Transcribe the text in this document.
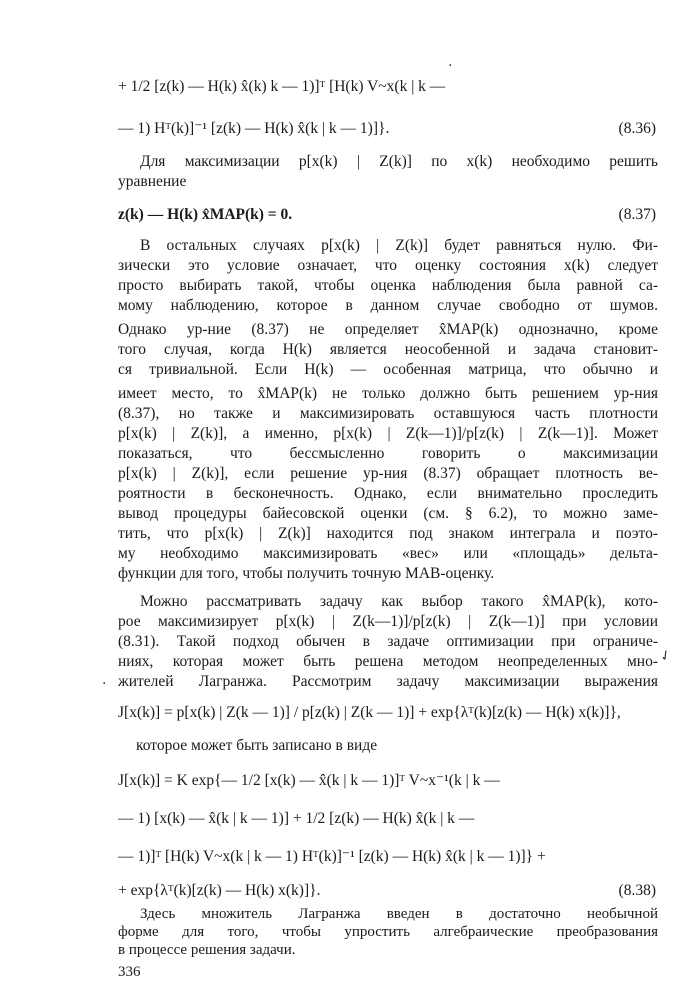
+ 1/2 [z(k) — H(k) x̂(k) k — 1)]ᵀ [H(k) V~x(k | k —
— 1) Hᵀ(k)]⁻¹ [z(k) — H(k) x̂(k | k — 1)]}.	(8.36)
Для максимизации p[x(k) | Z(k)] по x(k) необходимо решить
уравнение
z(k) — H(k) x̂MAP(k) = 0.	(8.37)
В остальных случаях p[x(k) | Z(k)] будет равняться нулю. Фи-
зически это условие означает, что оценку состояния x(k) следует
просто выбирать такой, чтобы оценка наблюдения была равной са-
мому наблюдению, которое в данном случае свободно от шумов.
Однако ур-ние (8.37) не определяет x̂MAP(k) однозначно, кроме
того случая, когда H(k) является неособенной и задача становит-
ся тривиальной. Если H(k) — особенная матрица, что обычно и
имеет место, то x̂MAP(k) не только должно быть решением ур-ния
(8.37), но также и максимизировать оставшуюся часть плотности
p[x(k) | Z(k)], а именно, p[x(k) | Z(k—1)]/p[z(k) | Z(k—1)]. Может
показаться, что бессмысленно говорить о максимизации
p[x(k) | Z(k)], если решение ур-ния (8.37) обращает плотность ве-
роятности в бесконечность. Однако, если внимательно проследить
вывод процедуры байесовской оценки (см. § 6.2), то можно заме-
тить, что p[x(k) | Z(k)] находится под знаком интеграла и поэто-
му необходимо максимизировать «вес» или «площадь» дельта-
функции для того, чтобы получить точную МАВ-оценку.
Можно рассматривать задачу как выбор такого x̂MAP(k), кото-
рое максимизирует p[x(k) | Z(k—1)]/p[z(k) | Z(k—1)] при условии
(8.31). Такой подход обычен в задаче оптимизации при ограниче-
ниях, которая может быть решена методом неопределенных мно-
жителей Лагранжа. Рассмотрим задачу максимизации выражения
J[x(k)] = p[x(k) | Z(k — 1)] / p[z(k) | Z(k — 1)] + exp{λᵀ(k)[z(k) — H(k) x(k)]},
которое может быть записано в виде
J[x(k)] = K exp{— 1/2 [x(k) — x̂(k | k — 1)]ᵀ V~x⁻¹(k | k —
— 1) [x(k) — x̂(k | k — 1)] + 1/2 [z(k) — H(k) x̂(k | k —
— 1)]ᵀ [H(k) V~x(k | k — 1) Hᵀ(k)]⁻¹ [z(k) — H(k) x̂(k | k — 1)]} +
+ exp{λᵀ(k)[z(k) — H(k) x(k)]}.	(8.38)
Здесь множитель Лагранжа введен в достаточно необычной
форме для того, чтобы упростить алгебраические преобразования
в процессе решения задачи.
336
·
✓
·
